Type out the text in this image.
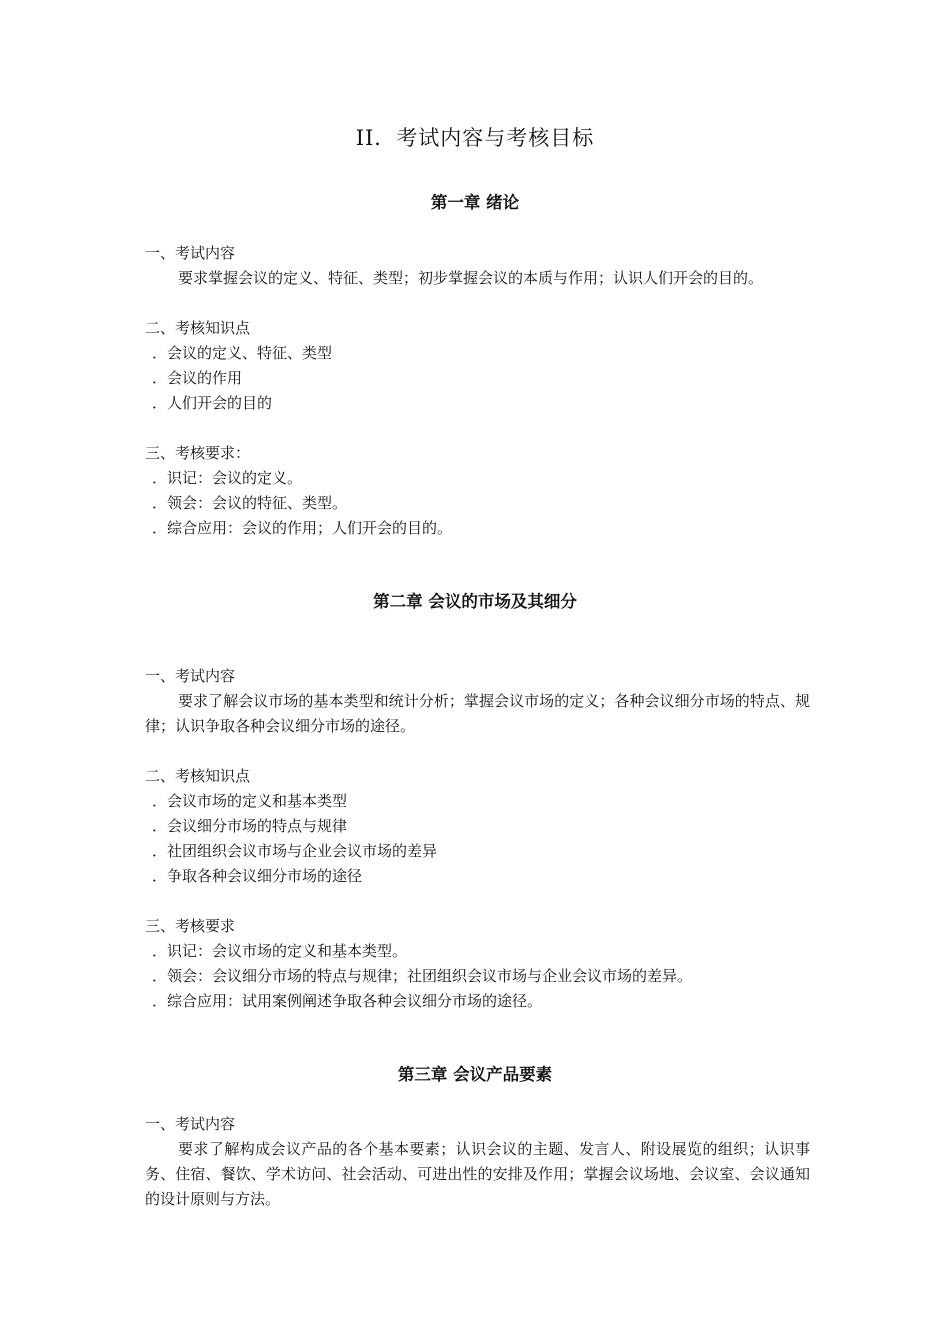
II．考试内容与考核目标
第一章 绪论
一、考试内容
要求掌握会议的定义、特征、类型；初步掌握会议的本质与作用；认识人们开会的目的。
二、考核知识点
．会议的定义、特征、类型
．会议的作用
．人们开会的目的
三、考核要求：
．识记：会议的定义。
．领会：会议的特征、类型。
．综合应用：会议的作用；人们开会的目的。
第二章 会议的市场及其细分
一、考试内容
要求了解会议市场的基本类型和统计分析；掌握会议市场的定义；各种会议细分市场的特点、规律；认识争取各种会议细分市场的途径。
二、考核知识点
．会议市场的定义和基本类型
．会议细分市场的特点与规律
．社团组织会议市场与企业会议市场的差异
．争取各种会议细分市场的途径
三、考核要求
．识记：会议市场的定义和基本类型。
．领会：会议细分市场的特点与规律；社团组织会议市场与企业会议市场的差异。
．综合应用：试用案例阐述争取各种会议细分市场的途径。
第三章 会议产品要素
一、考试内容
要求了解构成会议产品的各个基本要素；认识会议的主题、发言人、附设展览的组织；认识事务、住宿、餐饮、学术访问、社会活动、可进出性的安排及作用；掌握会议场地、会议室、会议通知的设计原则与方法。
